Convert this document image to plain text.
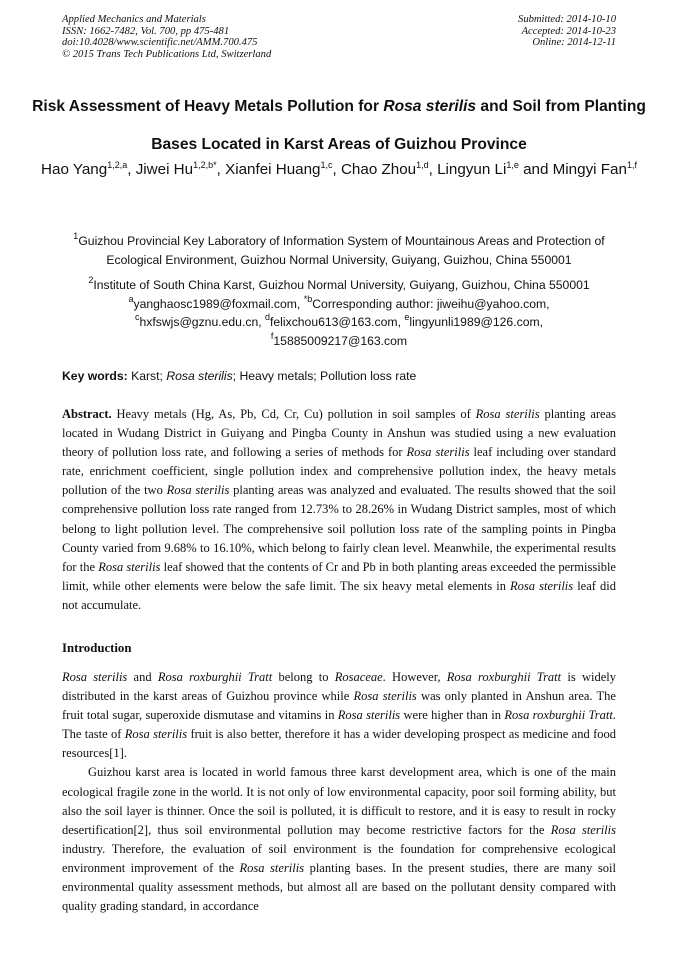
Applied Mechanics and Materials
ISSN: 1662-7482, Vol. 700, pp 475-481
doi:10.4028/www.scientific.net/AMM.700.475
© 2015 Trans Tech Publications Ltd, Switzerland
Submitted: 2014-10-10
Accepted: 2014-10-23
Online: 2014-12-11
Risk Assessment of Heavy Metals Pollution for Rosa sterilis and Soil from Planting Bases Located in Karst Areas of Guizhou Province
Hao Yang$^{1,2,a}$, Jiwei $Hu^{1,2,b*}$, Xianfei Huang$^{1,c}$, Chao Zhou$^{1,d}$, Lingyun Li$^{1,e}$ and Mingyi Fan$^{1,f}$
$^1$Guizhou Provincial Key Laboratory of Information System of Mountainous Areas and Protection of Ecological Environment, Guizhou Normal University, Guiyang, Guizhou, China 550001
$^2$Institute of South China Karst, Guizhou Normal University, Guiyang, Guizhou, China 550001
$^a$yanghaosc1989@foxmail.com, $^{*b}$Corresponding author: jiweihu@yahoo.com,
$^c$hxfswjs@gznu.edu.cn, $^d$felixchou613@163.com, $^e$lingyunli1989@126.com,
$^f$15885009217@163.com
Key words: Karst; Rosa sterilis; Heavy metals; Pollution loss rate
Abstract. Heavy metals (Hg, As, Pb, Cd, Cr, Cu) pollution in soil samples of Rosa sterilis planting areas located in Wudang District in Guiyang and Pingba County in Anshun was studied using a new evaluation theory of pollution loss rate, and following a series of methods for Rosa sterilis leaf including over standard rate, enrichment coefficient, single pollution index and comprehensive pollution index, the heavy metals pollution of the two Rosa sterilis planting areas was analyzed and evaluated. The results showed that the soil comprehensive pollution loss rate ranged from 12.73% to 28.26% in Wudang District samples, most of which belong to light pollution level. The comprehensive soil pollution loss rate of the sampling points in Pingba County varied from 9.68% to 16.10%, which belong to fairly clean level. Meanwhile, the experimental results for the Rosa sterilis leaf showed that the contents of Cr and Pb in both planting areas exceeded the permissible limit, while other elements were below the safe limit. The six heavy metal elements in Rosa sterilis leaf did not accumulate.
Introduction

Rosa sterilis and Rosa roxburghii Tratt belong to Rosaceae. However, Rosa roxburghii Tratt is widely distributed in the karst areas of Guizhou province while Rosa sterilis was only planted in Anshun area. The fruit total sugar, superoxide dismutase and vitamins in Rosa sterilis were higher than in Rosa roxburghii Tratt. The taste of Rosa sterilis fruit is also better, therefore it has a wider developing prospect as medicine and food resources[1].

Guizhou karst area is located in world famous three karst development area, which is one of the main ecological fragile zone in the world. It is not only of low environmental capacity, poor soil forming ability, but also the soil layer is thinner. Once the soil is polluted, it is difficult to restore, and it is easy to result in rocky desertification[2], thus soil environmental pollution may become restrictive factors for the Rosa sterilis industry. Therefore, the evaluation of soil environment is the foundation for comprehensive ecological environment improvement of the Rosa sterilis planting bases. In the present studies, there are many soil environmental quality assessment methods, but almost all are based on the pollutant density compared with quality grading standard, in accordance
